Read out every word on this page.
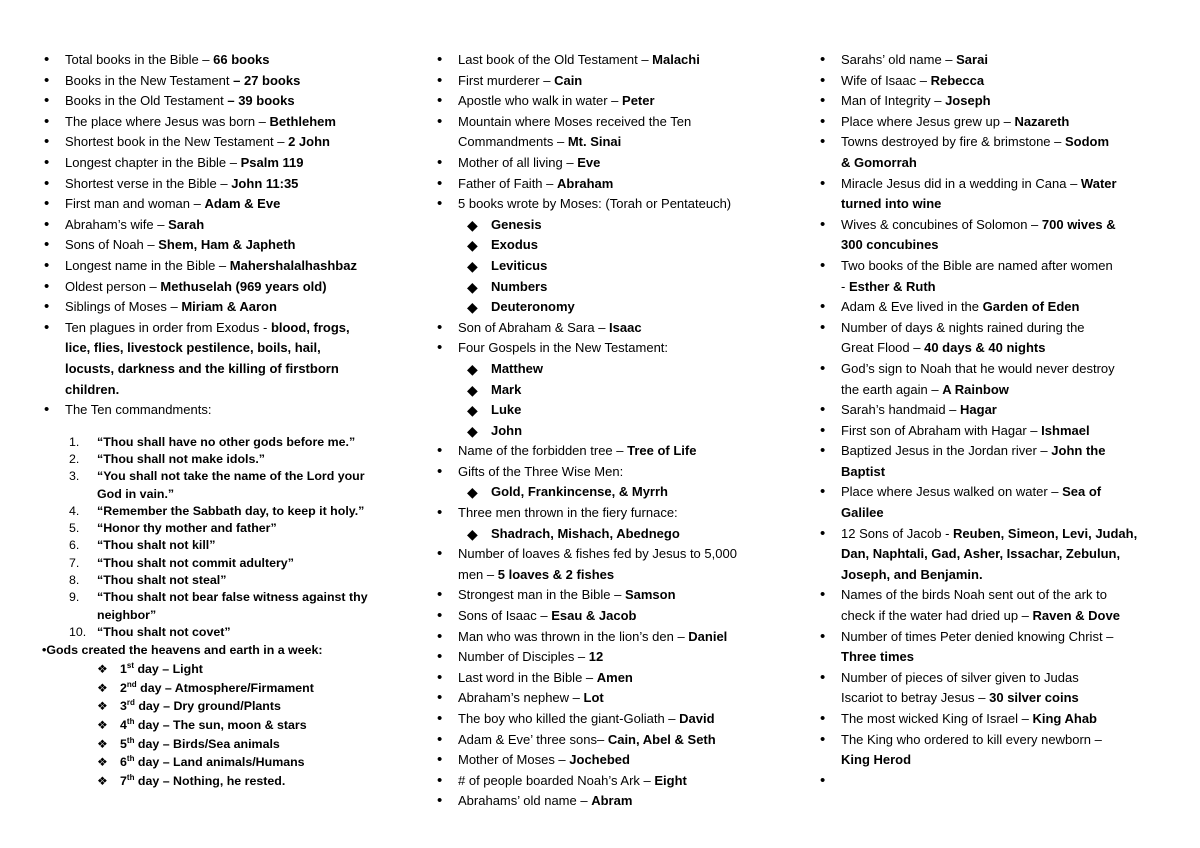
• Total books in the Bible – 66 books
• Books in the New Testament – 27 books
• Books in the Old Testament – 39 books
• The place where Jesus was born – Bethlehem
• Shortest book in the New Testament – 2 John
• Longest chapter in the Bible – Psalm 119
• Shortest verse in the Bible – John 11:35
• First man and woman – Adam & Eve
• Abraham’s wife – Sarah
• Sons of Noah – Shem, Ham & Japheth
• Longest name in the Bible – Mahershalalhashbaz
• Oldest person – Methuselah (969 years old)
• Siblings of Moses – Miriam & Aaron
• Ten plagues in order from Exodus - blood, frogs,
lice, flies, livestock pestilence, boils, hail,
locusts, darkness and the killing of firstborn
children.
• The Ten commandments:
1. “Thou shall have no other gods before me.”
2. “Thou shall not make idols.”
3. “You shall not take the name of the Lord your
God in vain.”
4. “Remember the Sabbath day, to keep it holy.”
5. “Honor thy mother and father”
6. “Thou shalt not kill”
7. “Thou shalt not commit adultery”
8. “Thou shalt not steal”
9. “Thou shalt not bear false witness against thy
neighbor”
10. “Thou shalt not covet”
•Gods created the heavens and earth in a week:
❖ 1st day – Light
❖ 2nd day – Atmosphere/Firmament
❖ 3rd day – Dry ground/Plants
❖ 4th day – The sun, moon & stars
❖ 5th day – Birds/Sea animals
❖ 6th day – Land animals/Humans
❖ 7th day – Nothing, he rested.
• Last book of the Old Testament – Malachi
• First murderer – Cain
• Apostle who walk in water – Peter
• Mountain where Moses received the Ten
Commandments – Mt. Sinai
• Mother of all living – Eve
• Father of Faith – Abraham
• 5 books wrote by Moses: (Torah or Pentateuch)
◆ Genesis
◆ Exodus
◆ Leviticus
◆ Numbers
◆ Deuteronomy
• Son of Abraham & Sara – Isaac
• Four Gospels in the New Testament:
◆ Matthew
◆ Mark
◆ Luke
◆ John
• Name of the forbidden tree – Tree of Life
• Gifts of the Three Wise Men:
◆ Gold, Frankincense, & Myrrh
• Three men thrown in the fiery furnace:
◆ Shadrach, Mishach, Abednego
• Number of loaves & fishes fed by Jesus to 5,000
men – 5 loaves & 2 fishes
• Strongest man in the Bible – Samson
• Sons of Isaac – Esau & Jacob
• Man who was thrown in the lion’s den – Daniel
• Number of Disciples – 12
• Last word in the Bible – Amen
• Abraham’s nephew – Lot
• The boy who killed the giant-Goliath – David
• Adam & Eve’ three sons– Cain, Abel & Seth
• Mother of Moses – Jochebed
• # of people boarded Noah’s Ark – Eight
• Abrahams’ old name – Abram
• Sarahs’ old name – Sarai
• Wife of Isaac – Rebecca
• Man of Integrity – Joseph
• Place where Jesus grew up – Nazareth
• Towns destroyed by fire & brimstone – Sodom
& Gomorrah
• Miracle Jesus did in a wedding in Cana – Water
turned into wine
• Wives & concubines of Solomon – 700 wives &
300 concubines
• Two books of the Bible are named after women
- Esther & Ruth
• Adam & Eve lived in the Garden of Eden
• Number of days & nights rained during the
Great Flood – 40 days & 40 nights
• God’s sign to Noah that he would never destroy
the earth again – A Rainbow
• Sarah’s handmaid – Hagar
• First son of Abraham with Hagar – Ishmael
• Baptized Jesus in the Jordan river – John the
Baptist
• Place where Jesus walked on water – Sea of
Galilee
• 12 Sons of Jacob - Reuben, Simeon, Levi, Judah,
Dan, Naphtali, Gad, Asher, Issachar, Zebulun,
Joseph, and Benjamin.
• Names of the birds Noah sent out of the ark to
check if the water had dried up – Raven & Dove
• Number of times Peter denied knowing Christ –
Three times
• Number of pieces of silver given to Judas
Iscariot to betray Jesus – 30 silver coins
• The most wicked King of Israel – King Ahab
• The King who ordered to kill every newborn –
King Herod
•
